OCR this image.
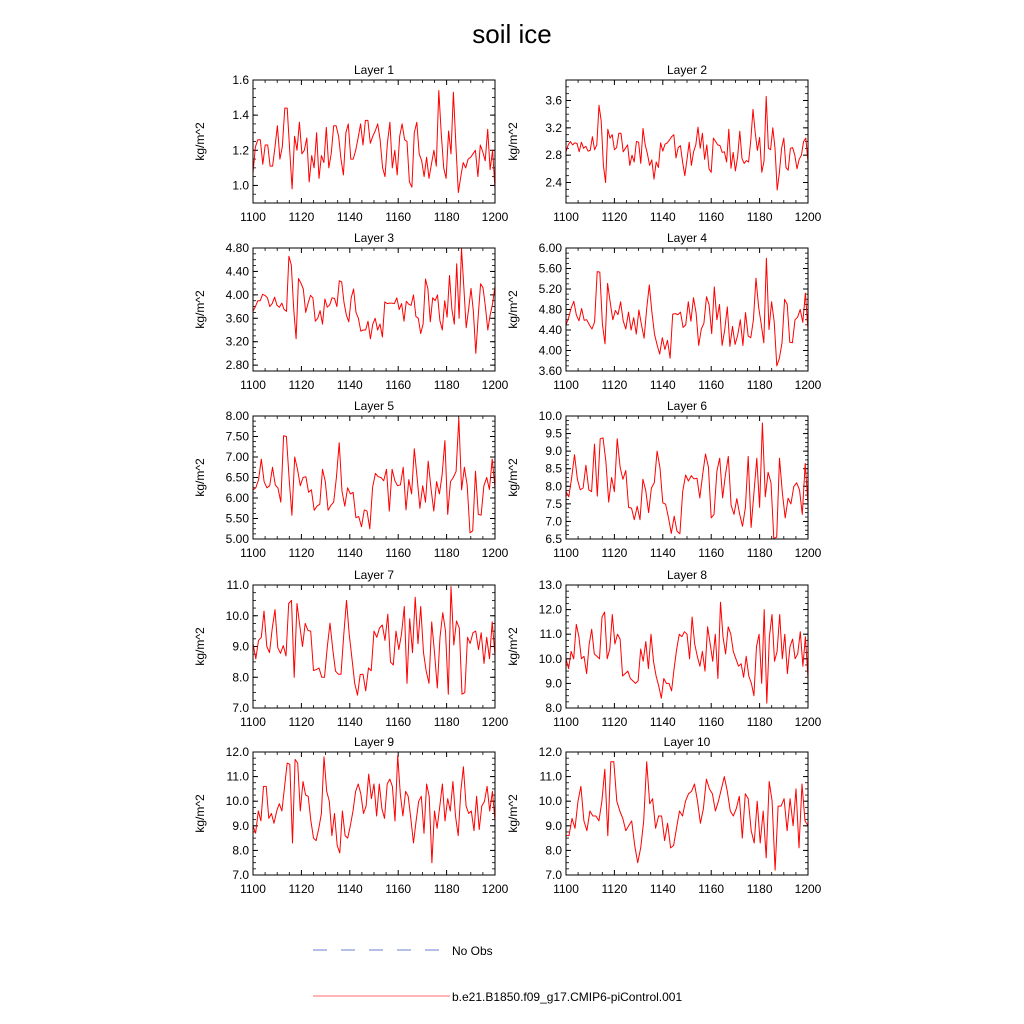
soil ice
Layer 1
kg/m^2
1100 1120 1140 1160 1180 1200
1.0
1.2
1.4
1.6
Layer 2
kg/m^2
1100 1120 1140 1160 1180 1200
2.4
2.8
3.2
3.6
Layer 3
kg/m^2
1100 1120 1140 1160 1180 1200
2.80
3.20
3.60
4.00
4.40
4.80
Layer 4
kg/m^2
1100 1120 1140 1160 1180 1200
3.60
4.00
4.40
4.80
5.20
5.60
6.00
Layer 5
kg/m^2
1100 1120 1140 1160 1180 1200
5.00
5.50
6.00
6.50
7.00
7.50
8.00
Layer 6
kg/m^2
1100 1120 1140 1160 1180 1200
6.5
7.0
7.5
8.0
8.5
9.0
9.5
10.0
Layer 7
kg/m^2
1100 1120 1140 1160 1180 1200
7.0
8.0
9.0
10.0
11.0
Layer 8
kg/m^2
1100 1120 1140 1160 1180 1200
8.0
9.0
10.0
11.0
12.0
13.0
Layer 9
kg/m^2
1100 1120 1140 1160 1180 1200
7.0
8.0
9.0
10.0
11.0
12.0
Layer 10
kg/m^2
1100 1120 1140 1160 1180 1200
7.0
8.0
9.0
10.0
11.0
12.0
No Obs
b.e21.B1850.f09_g17.CMIP6-piControl.001
